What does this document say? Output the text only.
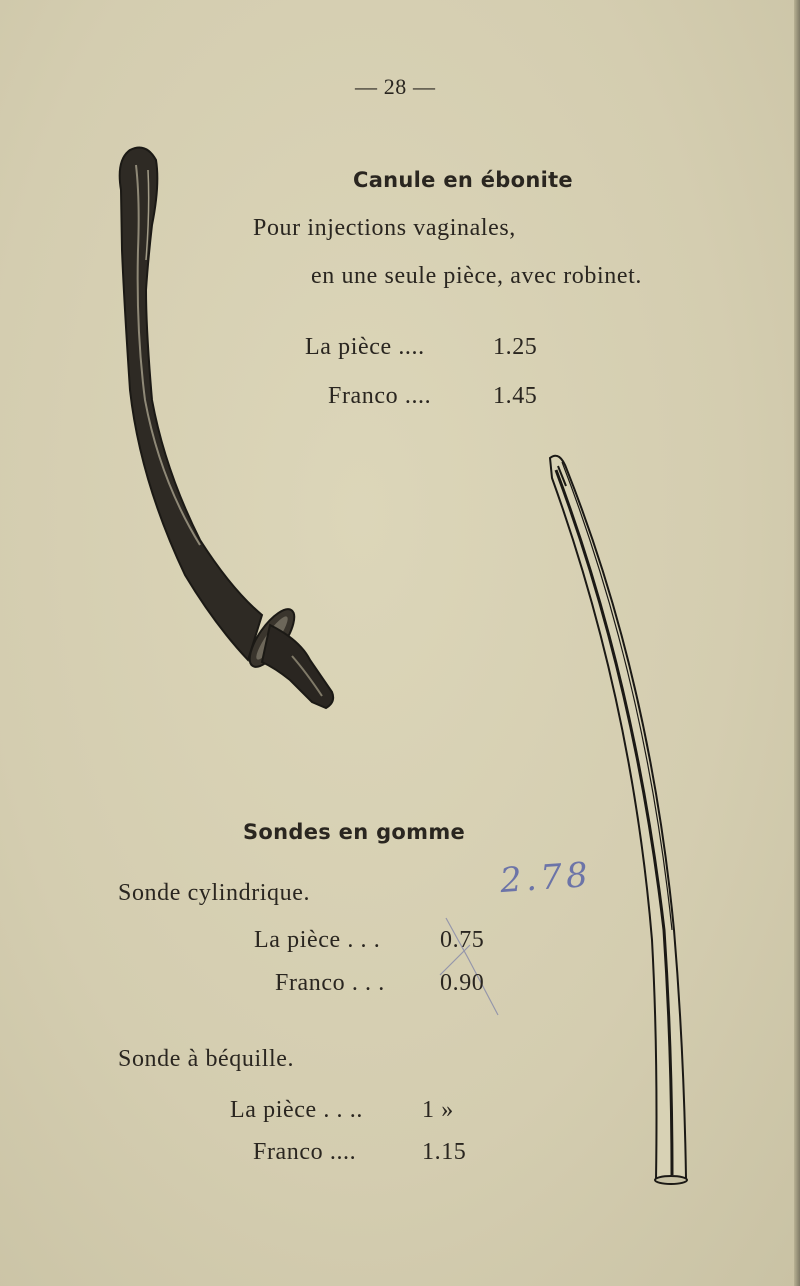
— 28 —
Canule en ébonite
Pour injections vaginales,
en une seule pièce, avec robinet.
La pièce ....	1.25
Franco ....	1.45
Sondes en gomme
Sonde cylindrique.
La pièce . . . 0.75
Franco . . . 0.90
Sonde à béquille.
La pièce . . .. 1 »
Franco ....	1.15
2.78
